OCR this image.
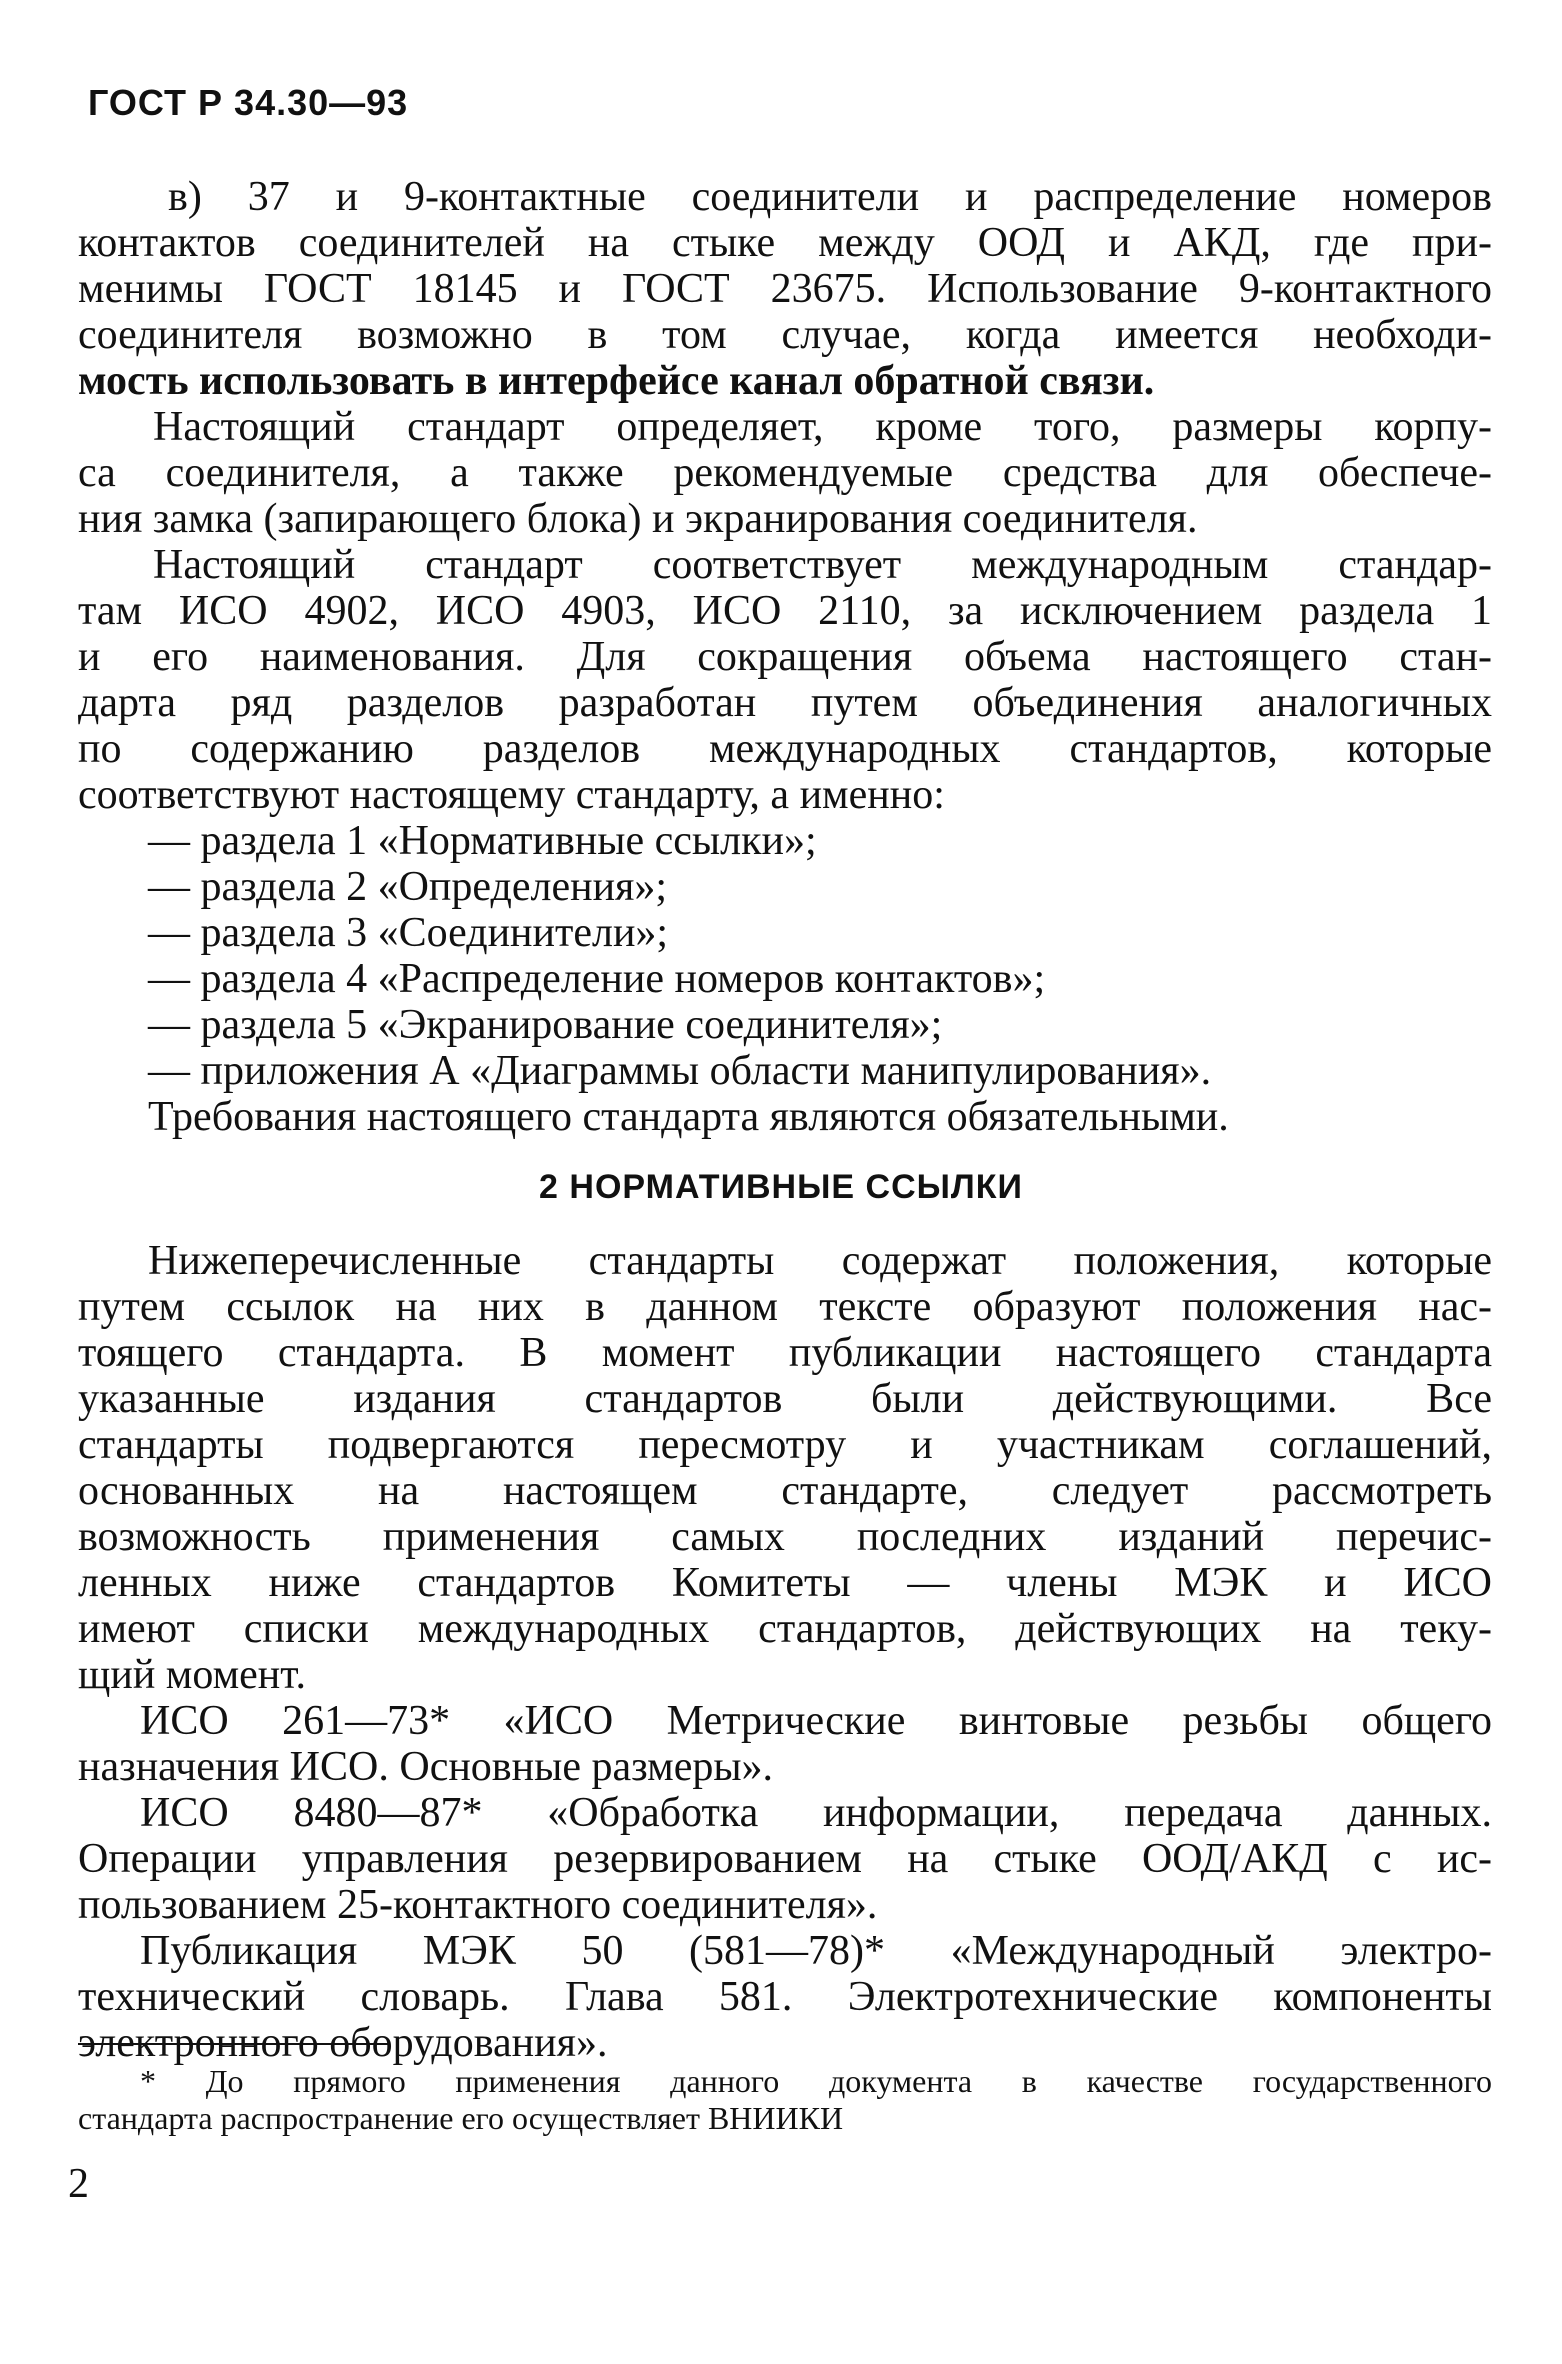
ГОСТ Р 34.30—93
в) 37 и 9-контактные соединители и распределение номеров
контактов соединителей на стыке между ООД и АКД, где при-
менимы ГОСТ 18145 и ГОСТ 23675. Использование 9-контактного
соединителя возможно в том случае, когда имеется необходи-
мость использовать в интерфейсе канал обратной связи.
Настоящий стандарт определяет, кроме того, размеры корпу-
са соединителя, а также рекомендуемые средства для обеспече-
ния замка (запирающего блока) и экранирования соединителя.
Настоящий стандарт соответствует международным стандар-
там ИСО 4902, ИСО 4903, ИСО 2110, за исключением раздела 1
и его наименования. Для сокращения объема настоящего стан-
дарта ряд разделов разработан путем объединения аналогичных
по содержанию разделов международных стандартов, которые
соответствуют настоящему стандарту, а именно:
— раздела 1 «Нормативные ссылки»;
— раздела 2 «Определения»;
— раздела 3 «Соединители»;
— раздела 4 «Распределение номеров контактов»;
— раздела 5 «Экранирование соединителя»;
— приложения А «Диаграммы области манипулирования».
Требования настоящего стандарта являются обязательными.
2 НОРМАТИВНЫЕ ССЫЛКИ
Нижеперечисленные стандарты содержат положения, которые
путем ссылок на них в данном тексте образуют положения нас-
тоящего стандарта. В момент публикации настоящего стандарта
указанные издания стандартов были действующими. Все
стандарты подвергаются пересмотру и участникам соглашений,
основанных на настоящем стандарте, следует рассмотреть
возможность применения самых последних изданий перечис-
ленных ниже стандартов Комитеты — члены МЭК и ИСО
имеют списки международных стандартов, действующих на теку-
щий момент.
ИСО 261—73* «ИСО Метрические винтовые резьбы общего
назначения ИСО. Основные размеры».
ИСО 8480—87* «Обработка информации, передача данных.
Операции управления резервированием на стыке ООД/АКД с ис-
пользованием 25-контактного соединителя».
Публикация МЭК 50 (581—78)* «Международный электро-
технический словарь. Глава 581. Электротехнические компоненты
электронного оборудования».
* До прямого применения данного документа в качестве государственного
стандарта распространение его осуществляет ВНИИКИ
2
